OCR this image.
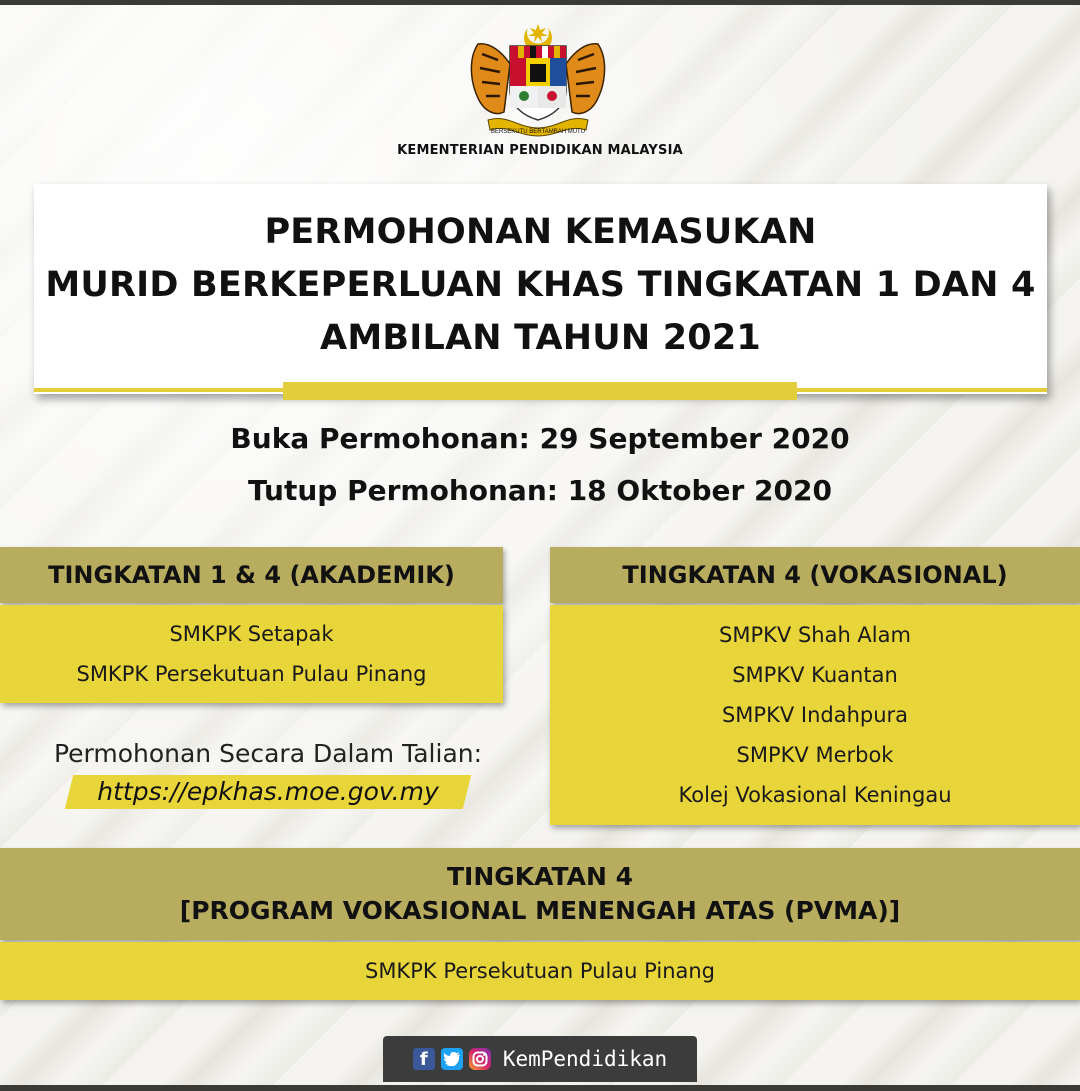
BERSEKUTU BERTAMBAH MUTU
KEMENTERIAN PENDIDIKAN MALAYSIA
PERMOHONAN KEMASUKAN
MURID BERKEPERLUAN KHAS TINGKATAN 1 DAN 4
AMBILAN TAHUN 2021
Buka Permohonan: 29 September 2020
Tutup Permohonan: 18 Oktober 2020
TINGKATAN 1 & 4 (AKADEMIK)
SMKPK Setapak
SMKPK Persekutuan Pulau Pinang
Permohonan Secara Dalam Talian:
https://epkhas.moe.gov.my
TINGKATAN 4 (VOKASIONAL)
SMPKV Shah Alam
SMPKV Kuantan
SMPKV Indahpura
SMPKV Merbok
Kolej Vokasional Keningau
TINGKATAN 4
[PROGRAM VOKASIONAL MENENGAH ATAS (PVMA)]
SMKPK Persekutuan Pulau Pinang
f	KemPendidikan
